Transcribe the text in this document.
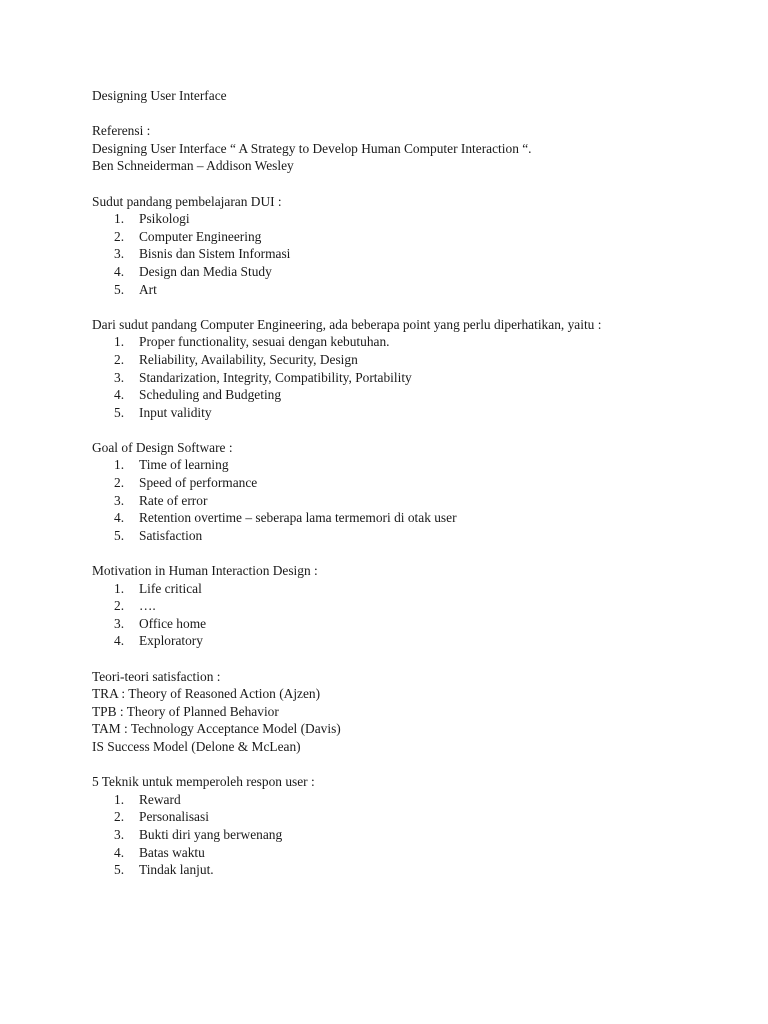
Designing User Interface
Referensi :
Designing User Interface “ A Strategy to Develop Human Computer Interaction “.
Ben Schneiderman – Addison Wesley
Sudut pandang pembelajaran DUI :
1.	Psikologi
2.	Computer Engineering
3.	Bisnis dan Sistem Informasi
4.	Design dan Media Study
5.	Art
Dari sudut pandang Computer Engineering, ada beberapa point yang perlu diperhatikan, yaitu :
1.	Proper functionality, sesuai dengan kebutuhan.
2.	Reliability, Availability, Security, Design
3.	Standarization, Integrity, Compatibility, Portability
4.	Scheduling and Budgeting
5.	Input validity
Goal of Design Software :
1.	Time of learning
2.	Speed of performance
3.	Rate of error
4.	Retention overtime – seberapa lama termemori di otak user
5.	Satisfaction
Motivation in Human Interaction Design :
1.	Life critical
2.	….
3.	Office home
4.	Exploratory
Teori-teori satisfaction :
TRA : Theory of Reasoned Action (Ajzen)
TPB : Theory of Planned Behavior
TAM : Technology Acceptance Model (Davis)
IS Success Model (Delone & McLean)
5 Teknik untuk memperoleh respon user :
1.	Reward
2.	Personalisasi
3.	Bukti diri yang berwenang
4.	Batas waktu
5.	Tindak lanjut.
